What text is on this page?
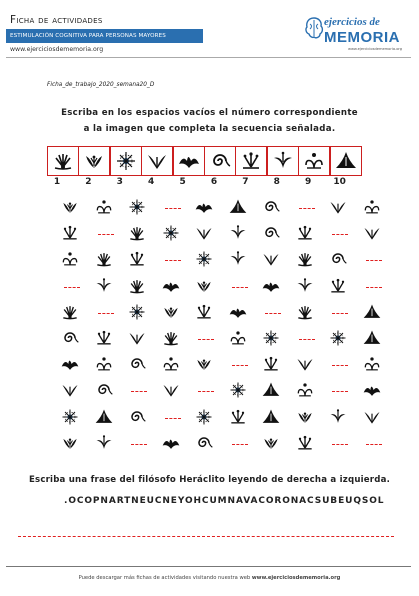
Ficha de actividades
ESTIMULACIÓN COGNITIVA PARA PERSONAS MAYORES
www.ejerciciosdememoria.org
ejercicios de
MEMORIA
www.ejerciciosdememoria.org
Ficha_de_trabajo_2020_semana20_D
Escriba en los espacios vacíos el número correspondiente
a la imagen que completa la secuencia señalada.
1	2	3	4	5	6	7	8	9	10
Escriba una frase del filósofo Heráclito leyendo de derecha a izquierda.
.OCOPNARTNEUCNEYOHCUMNAVACORONACSUBEUQSOL
Puede descargar más fichas de actividades visitando nuestra web www.ejerciciosdememoria.org
